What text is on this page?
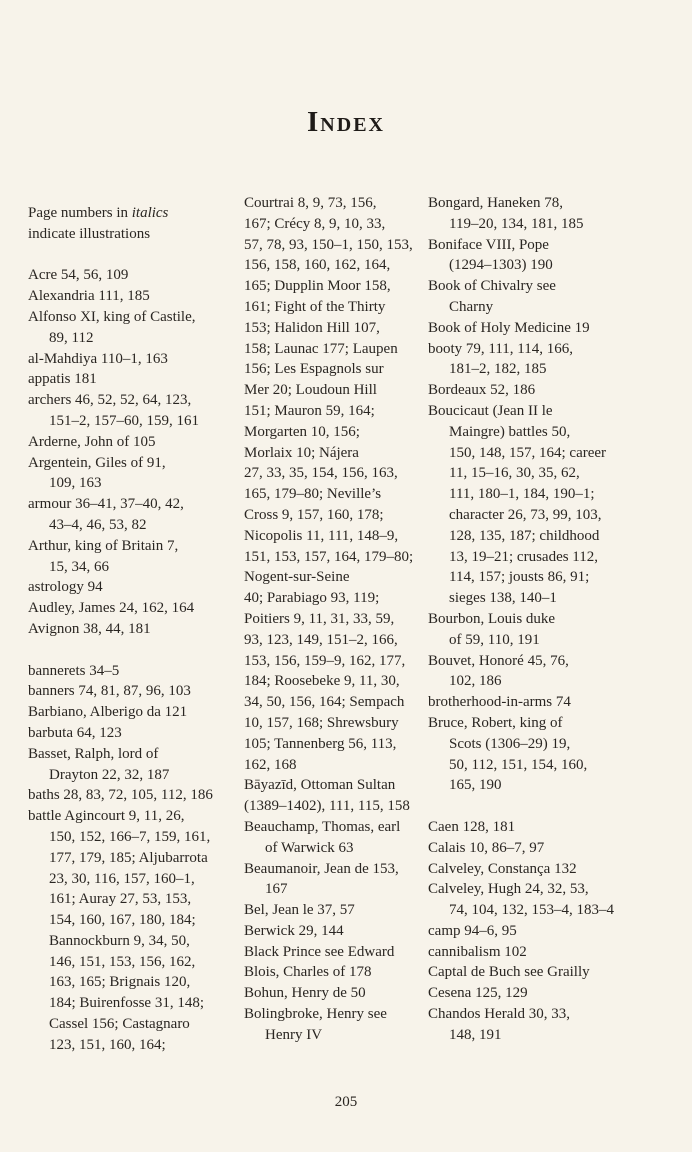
Index
Page numbers in italics
indicate illustrations
Acre 54, 56, 109
Alexandria 111, 185
Alfonso XI, king of Castile,
89, 112
al-Mahdiya 110–1, 163
appatis 181
archers 46, 52, 52, 64, 123,
151–2, 157–60, 159, 161
Arderne, John of 105
Argentein, Giles of 91,
109, 163
armour 36–41, 37–40, 42,
43–4, 46, 53, 82
Arthur, king of Britain 7,
15, 34, 66
astrology 94
Audley, James 24, 162, 164
Avignon 38, 44, 181
bannerets 34–5
banners 74, 81, 87, 96, 103
Barbiano, Alberigo da 121
barbuta 64, 123
Basset, Ralph, lord of
Drayton 22, 32, 187
baths 28, 83, 72, 105, 112, 186
battle Agincourt 9, 11, 26,
150, 152, 166–7, 159, 161,
177, 179, 185; Aljubarrota
23, 30, 116, 157, 160–1,
161; Auray 27, 53, 153,
154, 160, 167, 180, 184;
Bannockburn 9, 34, 50,
146, 151, 153, 156, 162,
163, 165; Brignais 120,
184; Buirenfosse 31, 148;
Cassel 156; Castagnaro
123, 151, 160, 164;
Courtrai 8, 9, 73, 156,
167; Crécy 8, 9, 10, 33,
57, 78, 93, 150–1, 150, 153,
156, 158, 160, 162, 164,
165; Dupplin Moor 158,
161; Fight of the Thirty
153; Halidon Hill 107,
158; Launac 177; Laupen
156; Les Espagnols sur
Mer 20; Loudoun Hill
151; Mauron 59, 164;
Morgarten 10, 156;
Morlaix 10; Nájera
27, 33, 35, 154, 156, 163,
165, 179–80; Neville’s
Cross 9, 157, 160, 178;
Nicopolis 11, 111, 148–9,
151, 153, 157, 164, 179–80;
Nogent-sur-Seine
40; Parabiago 93, 119;
Poitiers 9, 11, 31, 33, 59,
93, 123, 149, 151–2, 166,
153, 156, 159–9, 162, 177,
184; Roosebeke 9, 11, 30,
34, 50, 156, 164; Sempach
10, 157, 168; Shrewsbury
105; Tannenberg 56, 113,
162, 168
Bāyazīd, Ottoman Sultan
(1389–1402), 111, 115, 158
Beauchamp, Thomas, earl
of Warwick 63
Beaumanoir, Jean de 153,
167
Bel, Jean le 37, 57
Berwick 29, 144
Black Prince see Edward
Blois, Charles of 178
Bohun, Henry de 50
Bolingbroke, Henry see
Henry IV
Bongard, Haneken 78,
119–20, 134, 181, 185
Boniface VIII, Pope
(1294–1303) 190
Book of Chivalry see
Charny
Book of Holy Medicine 19
booty 79, 111, 114, 166,
181–2, 182, 185
Bordeaux 52, 186
Boucicaut (Jean II le
Maingre) battles 50,
150, 148, 157, 164; career
11, 15–16, 30, 35, 62,
111, 180–1, 184, 190–1;
character 26, 73, 99, 103,
128, 135, 187; childhood
13, 19–21; crusades 112,
114, 157; jousts 86, 91;
sieges 138, 140–1
Bourbon, Louis duke
of 59, 110, 191
Bouvet, Honoré 45, 76,
102, 186
brotherhood-in-arms 74
Bruce, Robert, king of
Scots (1306–29) 19,
50, 112, 151, 154, 160,
165, 190
Caen 128, 181
Calais 10, 86–7, 97
Calveley, Constança 132
Calveley, Hugh 24, 32, 53,
74, 104, 132, 153–4, 183–4
camp 94–6, 95
cannibalism 102
Captal de Buch see Grailly
Cesena 125, 129
Chandos Herald 30, 33,
148, 191
205
